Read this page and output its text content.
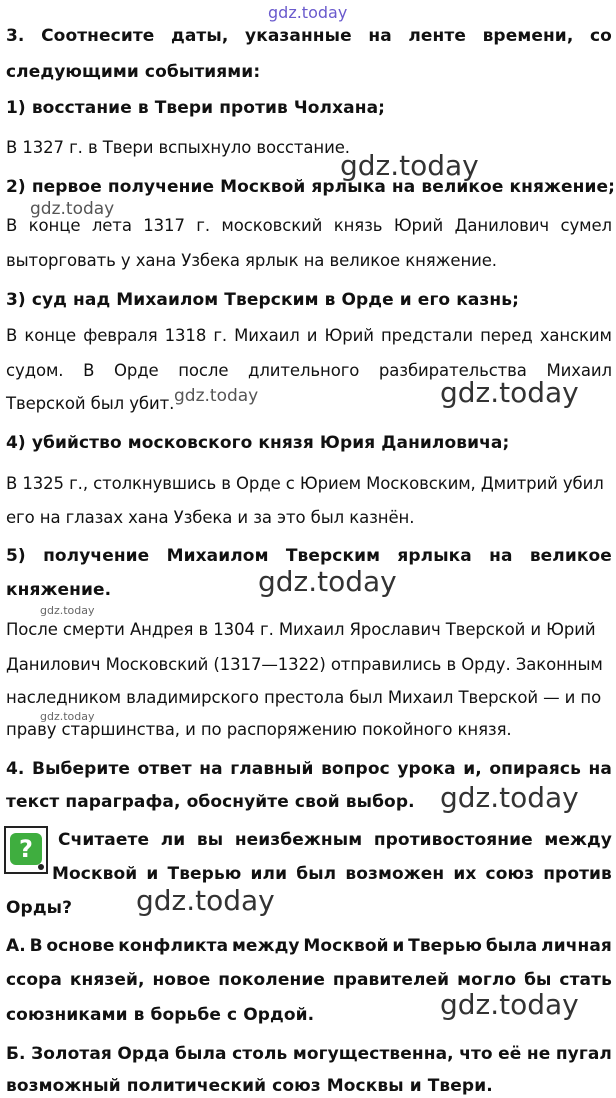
gdz.today
gdz.today
gdz.today
gdz.today	gdz.today
gdz.today
gdz.today
gdz.today
gdz.today
gdz.today
gdz.today
3. Соотнесите даты, указанные на ленте времени, со
следующими событиями:
1) восстание в Твери против Чолхана;
В 1327 г. в Твери вспыхнуло восстание.
2) первое получение Москвой ярлыка на великое княжение;
В конце лета 1317 г. московский князь Юрий Данилович сумел
выторговать у хана Узбека ярлык на великое княжение.
3) суд над Михаилом Тверским в Орде и его казнь;
В конце февраля 1318 г. Михаил и Юрий предстали перед ханским
судом. В Орде после длительного разбирательства Михаил
Тверской был убит.
4) убийство московского князя Юрия Даниловича;
В 1325 г., столкнувшись в Орде с Юрием Московским, Дмитрий убил
его на глазах хана Узбека и за это был казнён.
5) получение Михаилом Тверским ярлыка на великое
княжение.
После смерти Андрея в 1304 г. Михаил Ярославич Тверской и Юрий
Данилович Московский (1317—1322) отправились в Орду. Законным
наследником владимирского престола был Михаил Тверской — и по
праву старшинства, и по распоряжению покойного князя.
4. Выберите ответ на главный вопрос урока и, опираясь на
текст параграфа, обоснуйте свой выбор.
?	Считаете ли вы неизбежным противостояние между
Москвой и Тверью или был возможен их союз против
Орды?
А. В основе конфликта между Москвой и Тверью была личная
ссора князей, новое поколение правителей могло бы стать
союзниками в борьбе с Ордой.
Б. Золотая Орда была столь могущественна, что её не пугал
возможный политический союз Москвы и Твери.
